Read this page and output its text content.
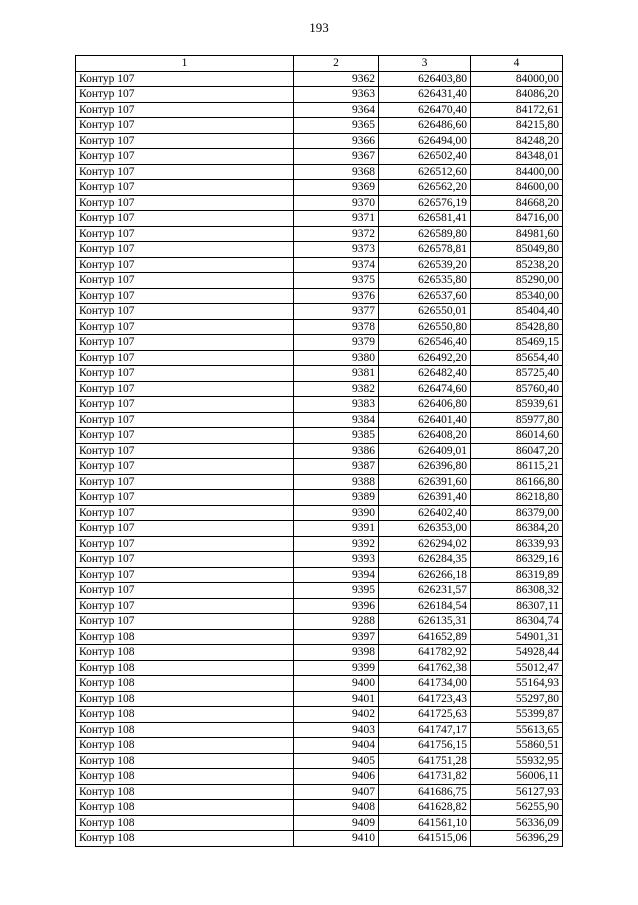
193
1	2	3	4
Контур 107	9362	626403,80	84000,00
Контур 107	9363	626431,40	84086,20
Контур 107	9364	626470,40	84172,61
Контур 107	9365	626486,60	84215,80
Контур 107	9366	626494,00	84248,20
Контур 107	9367	626502,40	84348,01
Контур 107	9368	626512,60	84400,00
Контур 107	9369	626562,20	84600,00
Контур 107	9370	626576,19	84668,20
Контур 107	9371	626581,41	84716,00
Контур 107	9372	626589,80	84981,60
Контур 107	9373	626578,81	85049,80
Контур 107	9374	626539,20	85238,20
Контур 107	9375	626535,80	85290,00
Контур 107	9376	626537,60	85340,00
Контур 107	9377	626550,01	85404,40
Контур 107	9378	626550,80	85428,80
Контур 107	9379	626546,40	85469,15
Контур 107	9380	626492,20	85654,40
Контур 107	9381	626482,40	85725,40
Контур 107	9382	626474,60	85760,40
Контур 107	9383	626406,80	85939,61
Контур 107	9384	626401,40	85977,80
Контур 107	9385	626408,20	86014,60
Контур 107	9386	626409,01	86047,20
Контур 107	9387	626396,80	86115,21
Контур 107	9388	626391,60	86166,80
Контур 107	9389	626391,40	86218,80
Контур 107	9390	626402,40	86379,00
Контур 107	9391	626353,00	86384,20
Контур 107	9392	626294,02	86339,93
Контур 107	9393	626284,35	86329,16
Контур 107	9394	626266,18	86319,89
Контур 107	9395	626231,57	86308,32
Контур 107	9396	626184,54	86307,11
Контур 107	9288	626135,31	86304,74
Контур 108	9397	641652,89	54901,31
Контур 108	9398	641782,92	54928,44
Контур 108	9399	641762,38	55012,47
Контур 108	9400	641734,00	55164,93
Контур 108	9401	641723,43	55297,80
Контур 108	9402	641725,63	55399,87
Контур 108	9403	641747,17	55613,65
Контур 108	9404	641756,15	55860,51
Контур 108	9405	641751,28	55932,95
Контур 108	9406	641731,82	56006,11
Контур 108	9407	641686,75	56127,93
Контур 108	9408	641628,82	56255,90
Контур 108	9409	641561,10	56336,09
Контур 108	9410	641515,06	56396,29
